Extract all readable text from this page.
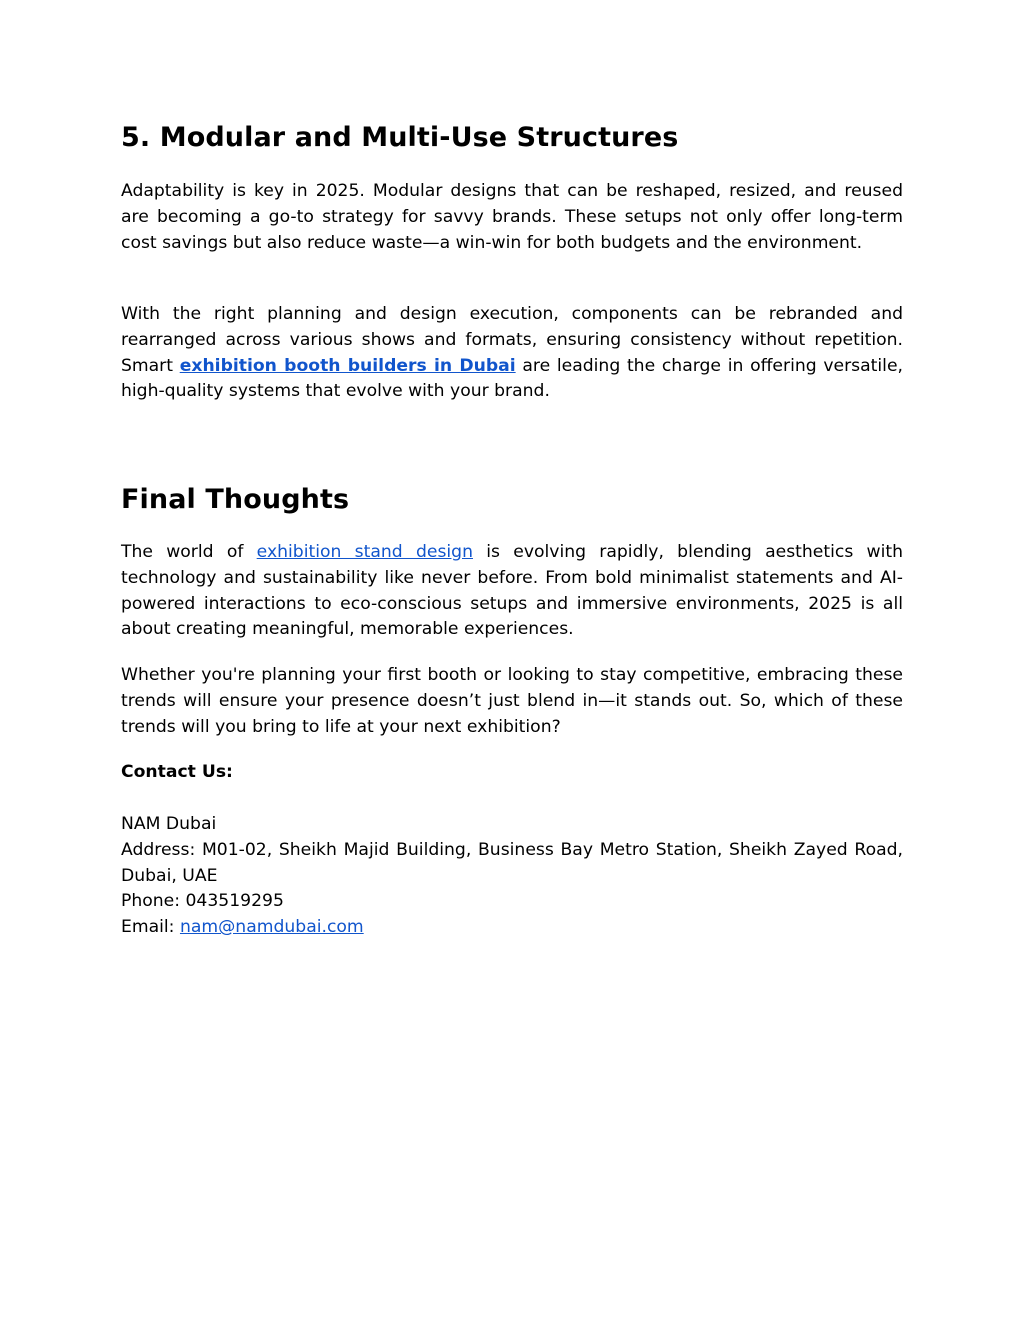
5. Modular and Multi-Use Structures

Adaptability is key in 2025. Modular designs that can be reshaped, resized, and reused are becoming a go-to strategy for savvy brands. These setups not only offer long-term cost savings but also reduce waste—a win-win for both budgets and the environment.

With the right planning and design execution, components can be rebranded and rearranged across various shows and formats, ensuring consistency without repetition. Smart exhibition booth builders in Dubai are leading the charge in offering versatile, high-quality systems that evolve with your brand.

Final Thoughts

The world of exhibition stand design is evolving rapidly, blending aesthetics with technology and sustainability like never before. From bold minimalist statements and AI-powered interactions to eco-conscious setups and immersive environments, 2025 is all about creating meaningful, memorable experiences.

Whether you're planning your first booth or looking to stay competitive, embracing these trends will ensure your presence doesn’t just blend in—it stands out. So, which of these trends will you bring to life at your next exhibition?

Contact Us:

NAM Dubai
Address: M01-02, Sheikh Majid Building, Business Bay Metro Station, Sheikh Zayed Road, Dubai, UAE
Phone: 043519295
Email: nam@namdubai.com
